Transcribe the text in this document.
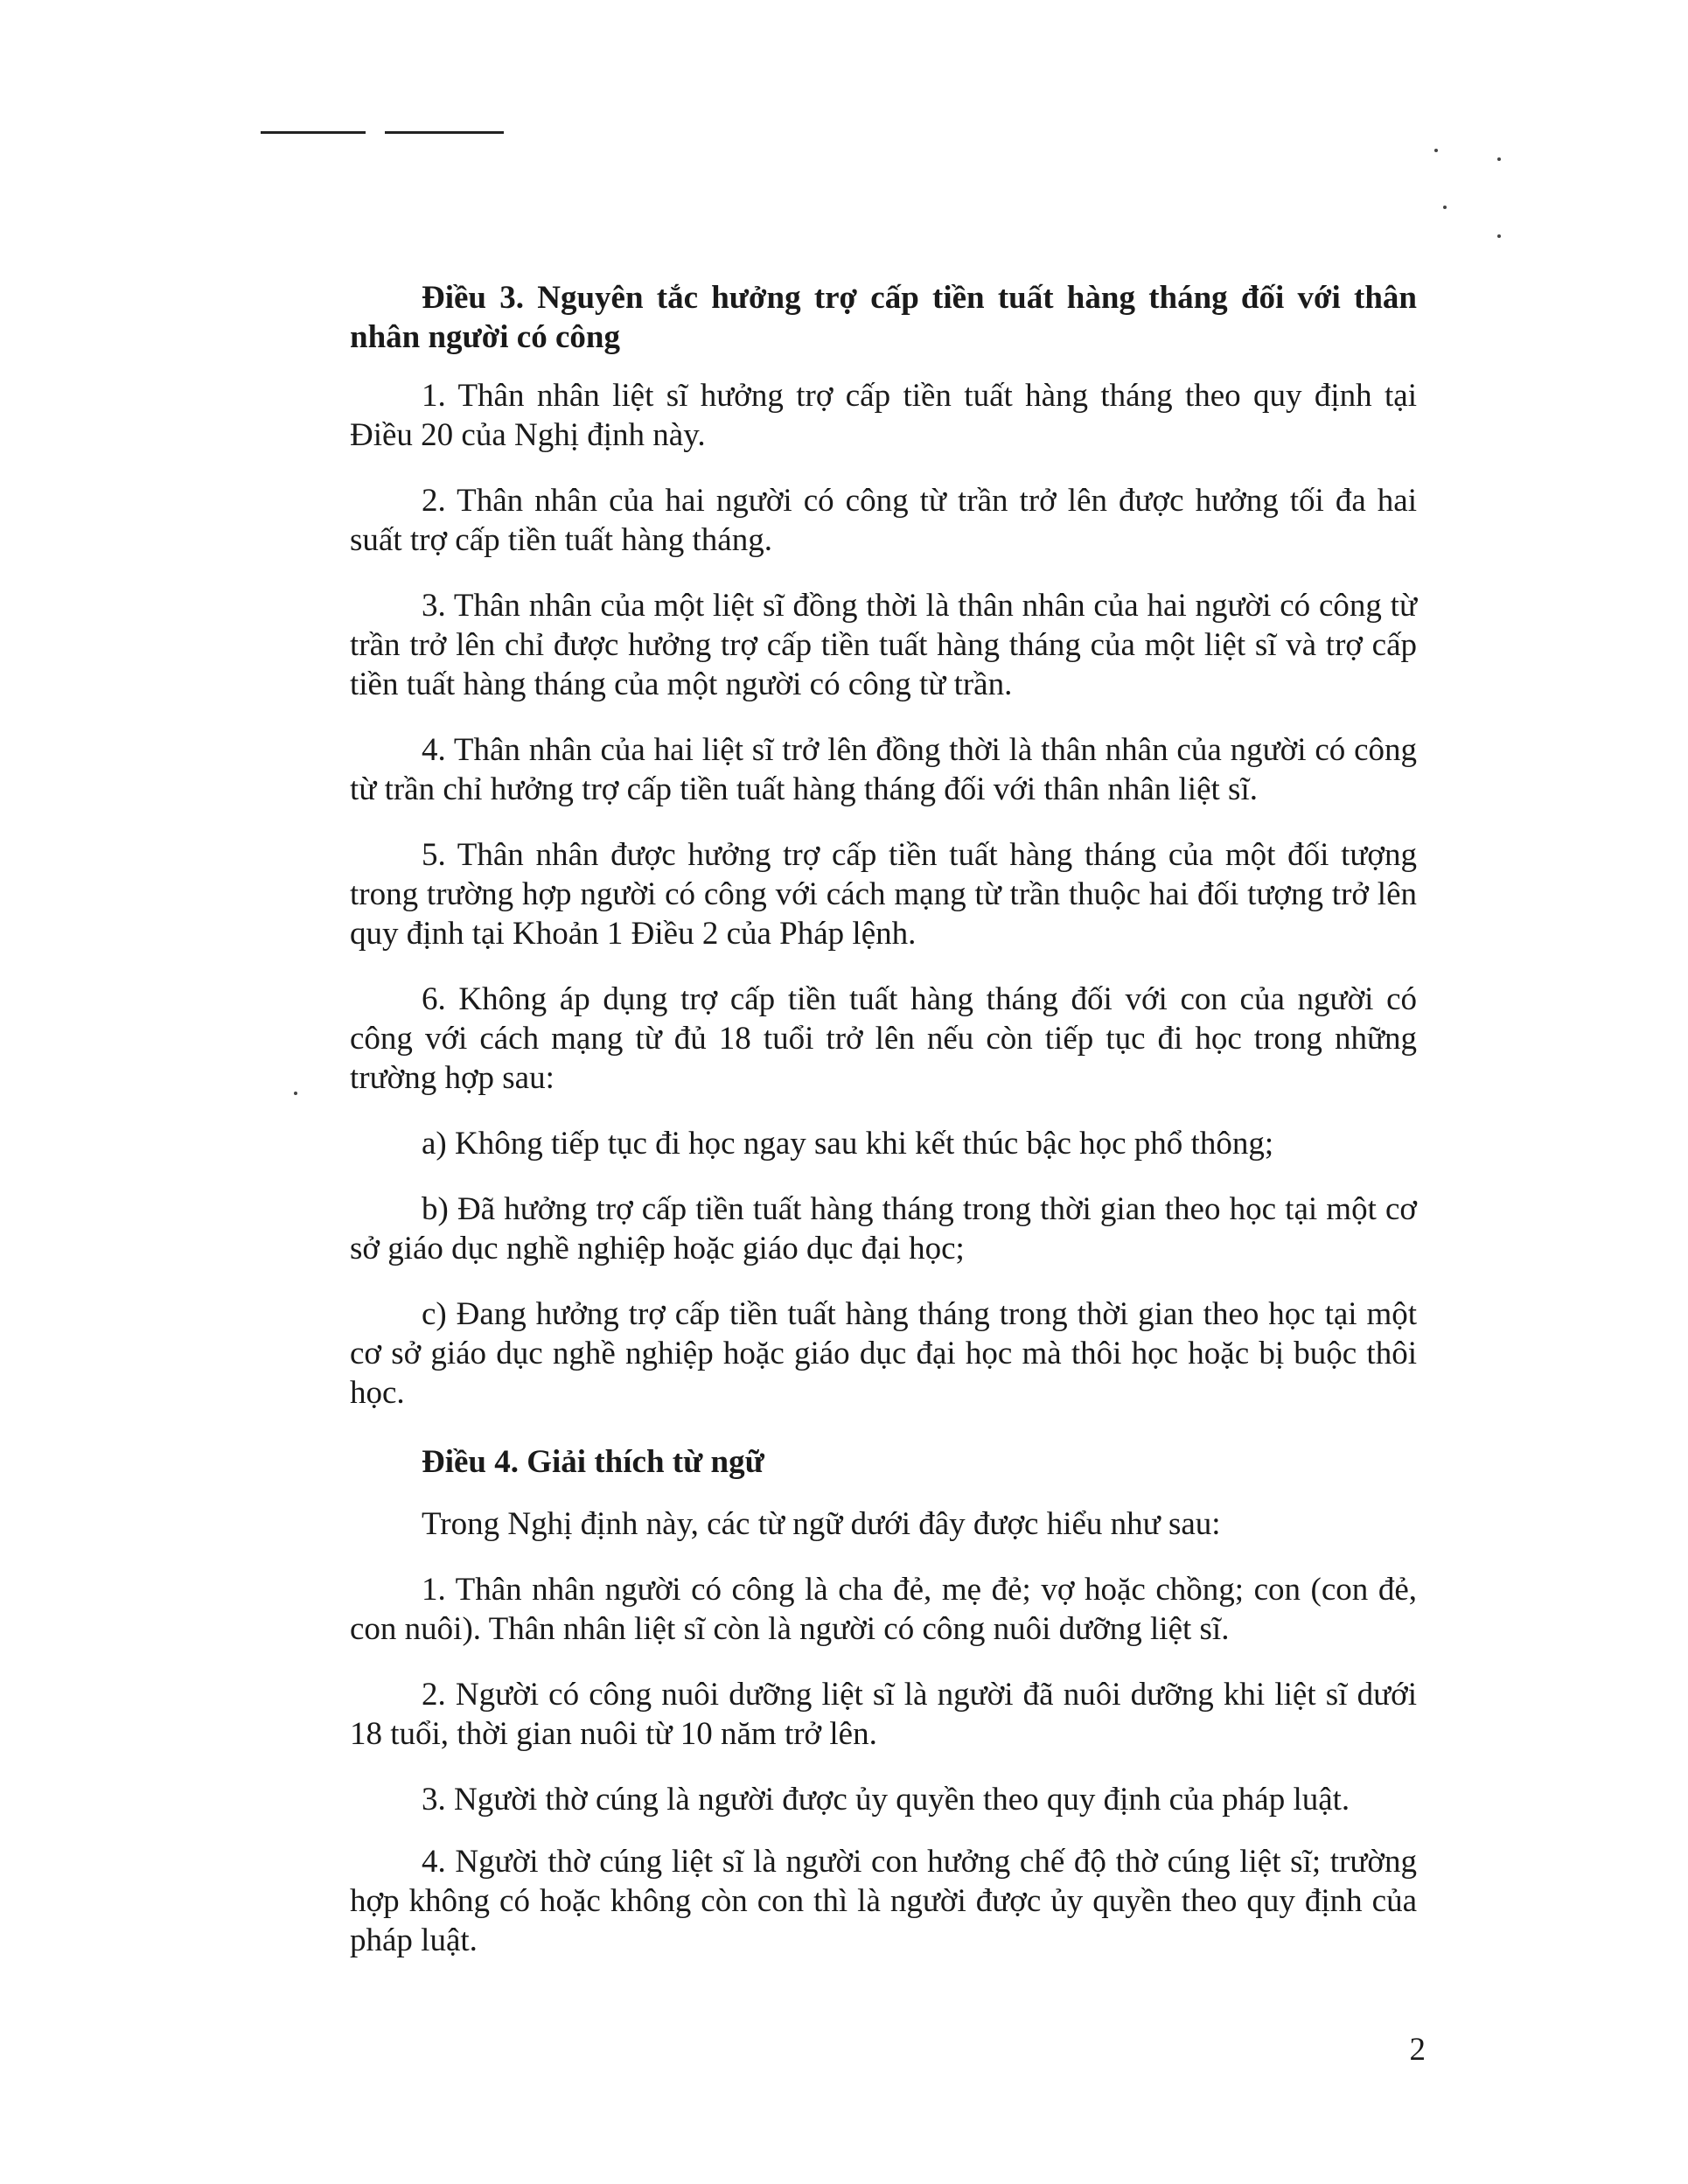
Điều 3. Nguyên tắc hưởng trợ cấp tiền tuất hàng tháng đối với thân nhân người có công

1. Thân nhân liệt sĩ hưởng trợ cấp tiền tuất hàng tháng theo quy định tại Điều 20 của Nghị định này.

2. Thân nhân của hai người có công từ trần trở lên được hưởng tối đa hai suất trợ cấp tiền tuất hàng tháng.

3. Thân nhân của một liệt sĩ đồng thời là thân nhân của hai người có công từ trần trở lên chỉ được hưởng trợ cấp tiền tuất hàng tháng của một liệt sĩ và trợ cấp tiền tuất hàng tháng của một người có công từ trần.

4. Thân nhân của hai liệt sĩ trở lên đồng thời là thân nhân của người có công từ trần chỉ hưởng trợ cấp tiền tuất hàng tháng đối với thân nhân liệt sĩ.

5. Thân nhân được hưởng trợ cấp tiền tuất hàng tháng của một đối tượng trong trường hợp người có công với cách mạng từ trần thuộc hai đối tượng trở lên quy định tại Khoản 1 Điều 2 của Pháp lệnh.

6. Không áp dụng trợ cấp tiền tuất hàng tháng đối với con của người có công với cách mạng từ đủ 18 tuổi trở lên nếu còn tiếp tục đi học trong những trường hợp sau:

a) Không tiếp tục đi học ngay sau khi kết thúc bậc học phổ thông;

b) Đã hưởng trợ cấp tiền tuất hàng tháng trong thời gian theo học tại một cơ sở giáo dục nghề nghiệp hoặc giáo dục đại học;

c) Đang hưởng trợ cấp tiền tuất hàng tháng trong thời gian theo học tại một cơ sở giáo dục nghề nghiệp hoặc giáo dục đại học mà thôi học hoặc bị buộc thôi học.

Điều 4. Giải thích từ ngữ

Trong Nghị định này, các từ ngữ dưới đây được hiểu như sau:

1. Thân nhân người có công là cha đẻ, mẹ đẻ; vợ hoặc chồng; con (con đẻ, con nuôi). Thân nhân liệt sĩ còn là người có công nuôi dưỡng liệt sĩ.

2. Người có công nuôi dưỡng liệt sĩ là người đã nuôi dưỡng khi liệt sĩ dưới 18 tuổi, thời gian nuôi từ 10 năm trở lên.

3. Người thờ cúng là người được ủy quyền theo quy định của pháp luật.

4. Người thờ cúng liệt sĩ là người con hưởng chế độ thờ cúng liệt sĩ; trường hợp không có hoặc không còn con thì là người được ủy quyền theo quy định của pháp luật.

2
